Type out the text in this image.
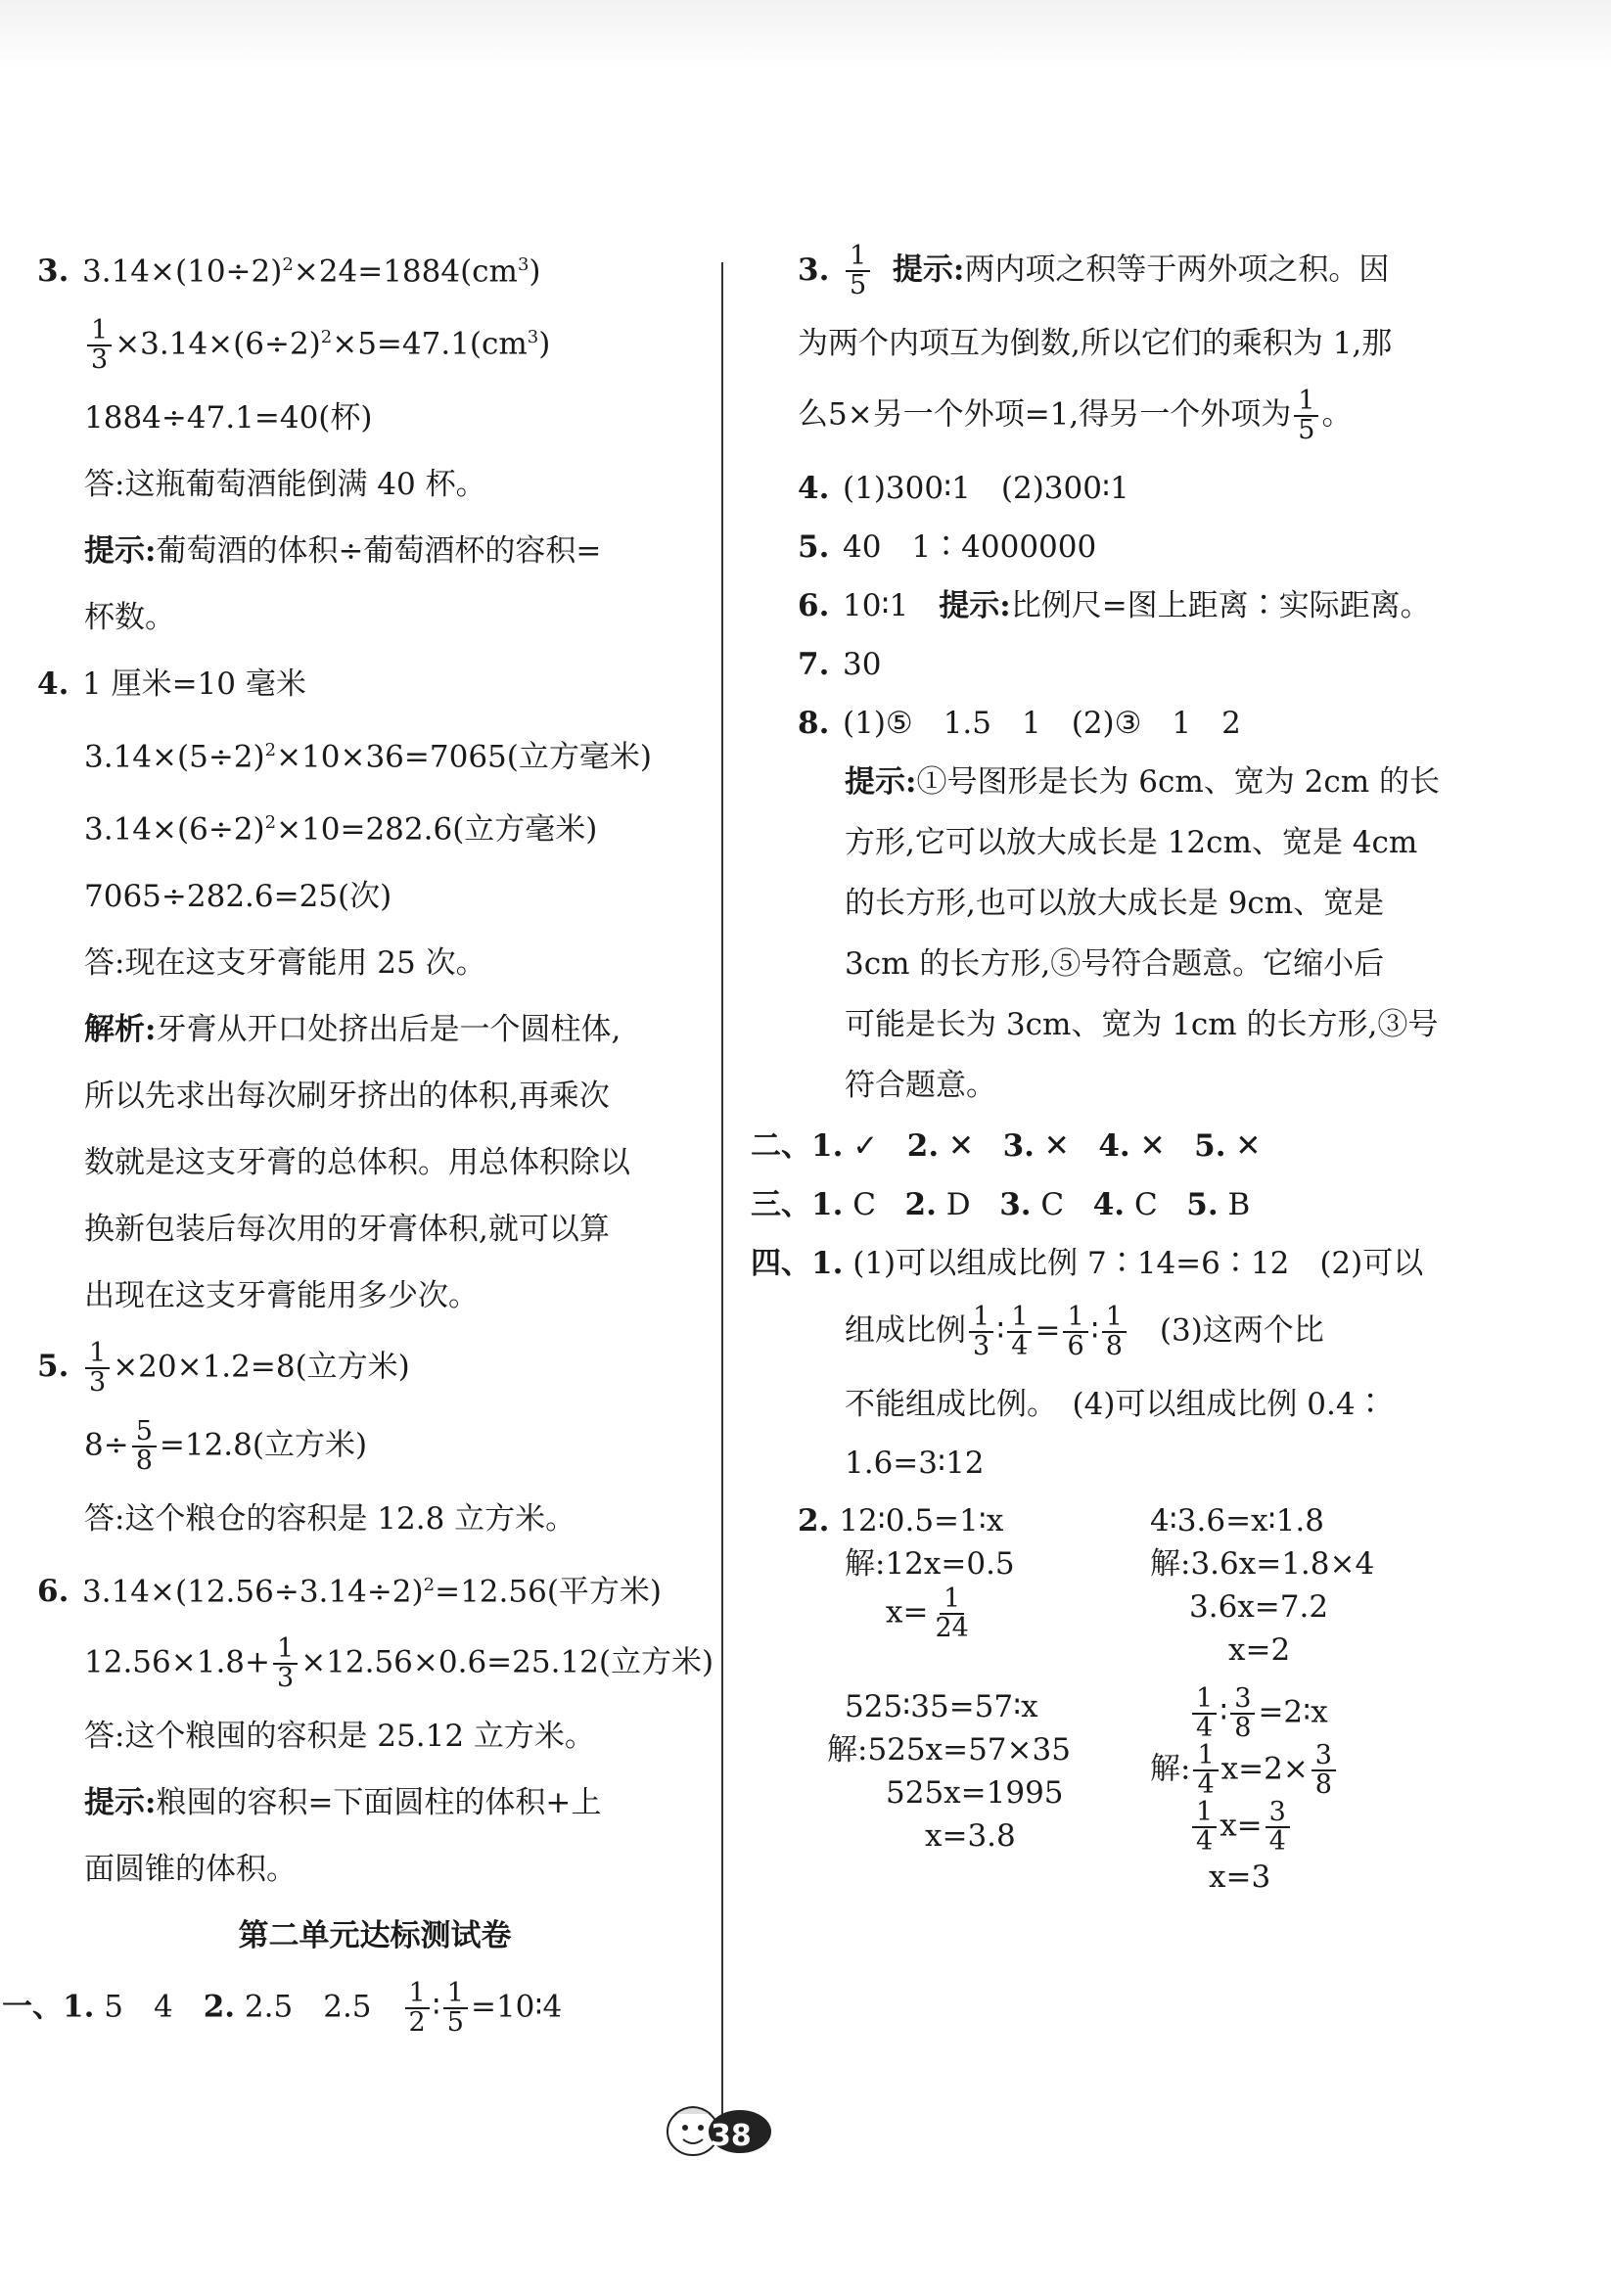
3. $3.14\times(10\div 2)^2\times 24=1884(cm^3)$
$\frac{1}{3} \times 3.14\times(6\div 2)^2\times 5=47.1(cm^3)$
1884÷47.1=40(杯)
答:这瓶葡萄酒能倒满 40 杯。
提示:葡萄酒的体积÷葡萄酒杯的容积=
杯数。
4. 1 厘米=10 毫米
$3.14\times(5\div 2)^2\times 10\times 36=7065$(立方毫米)
$3.14\times(6\div 2)^2\times 10=282.6$(立方毫米)
7065÷282.6=25(次)
答:现在这支牙膏能用 25 次。
解析:牙膏从开口处挤出后是一个圆柱体,
所以先求出每次刷牙挤出的体积,再乘次
数就是这支牙膏的总体积。用总体积除以
换新包装后每次用的牙膏体积,就可以算
出现在这支牙膏能用多少次。
5. $\frac{1}{3} \times 20\times 1.2=8$(立方米)
$8\div \frac{5}{8} =12.8$(立方米)
答:这个粮仓的容积是 12.8 立方米。
6. $3.14\times(12.56\div 3.14\div 2)^2=12.56$(平方米)
$12.56\times 1.8+ \frac{1}{3} \times 12.56\times 0.6=25.12$(立方米)
答:这个粮囤的容积是 25.12 立方米。
提示:粮囤的容积=下面圆柱的体积+上
面圆锥的体积。
第二单元达标测试卷
一、1. 5　4　2. 2.5　2.5　 $\frac{1}{2}$ ∶ $\frac{1}{5}$ =10∶4
3. $\frac{1}{5}$ 提示:两内项之积等于两外项之积。因
为两个内项互为倒数,所以它们的乘积为 1,那
么5×另一个外项=1,得另一个外项为 $\frac{1}{5}$ 。
4. (1)300∶1　(2)300∶1
5. 40　1∶4000000
6. 10∶1　提示:比例尺=图上距离∶实际距离。
7. 30
8. (1)⑤　1.5　1　(2)③　1　2
提示:①号图形是长为 6cm、宽为 2cm 的长
方形,它可以放大成长是 12cm、宽是 4cm
的长方形,也可以放大成长是 9cm、宽是
3cm 的长方形,⑤号符合题意。它缩小后
可能是长为 3cm、宽为 1cm 的长方形,③号
符合题意。
二、1. ✓ 2. ✕ 3. ✕ 4. ✕ 5. ✕
三、1. C 2. D 3. C 4. C 5. B
四、1. (1)可以组成比例 7∶14=6∶12　(2)可以
组成比例 $\frac{1}{3}$ ∶ $\frac{1}{4} = \frac{1}{6}$ ∶ $\frac{1}{8}$ 　(3)这两个比
不能组成比例。　(4)可以组成比例 0.4∶
1.6=3∶12
2. 12∶0.5=1∶x
解:12x=0.5
$x= \frac{1}{24}$
4∶3.6=x∶1.8
解:3.6x=1.8×4
3.6x=7.2
x=2
525∶35=57∶x
解:525x=57×35
525x=1995
x=3.8
$\frac{1}{4}$ ∶ $\frac{3}{8}$ =2∶x
解: $\frac{1}{4} x=2\times \frac{3}{8}$
$\frac{1}{4} x= \frac{3}{4}$
x=3
38
